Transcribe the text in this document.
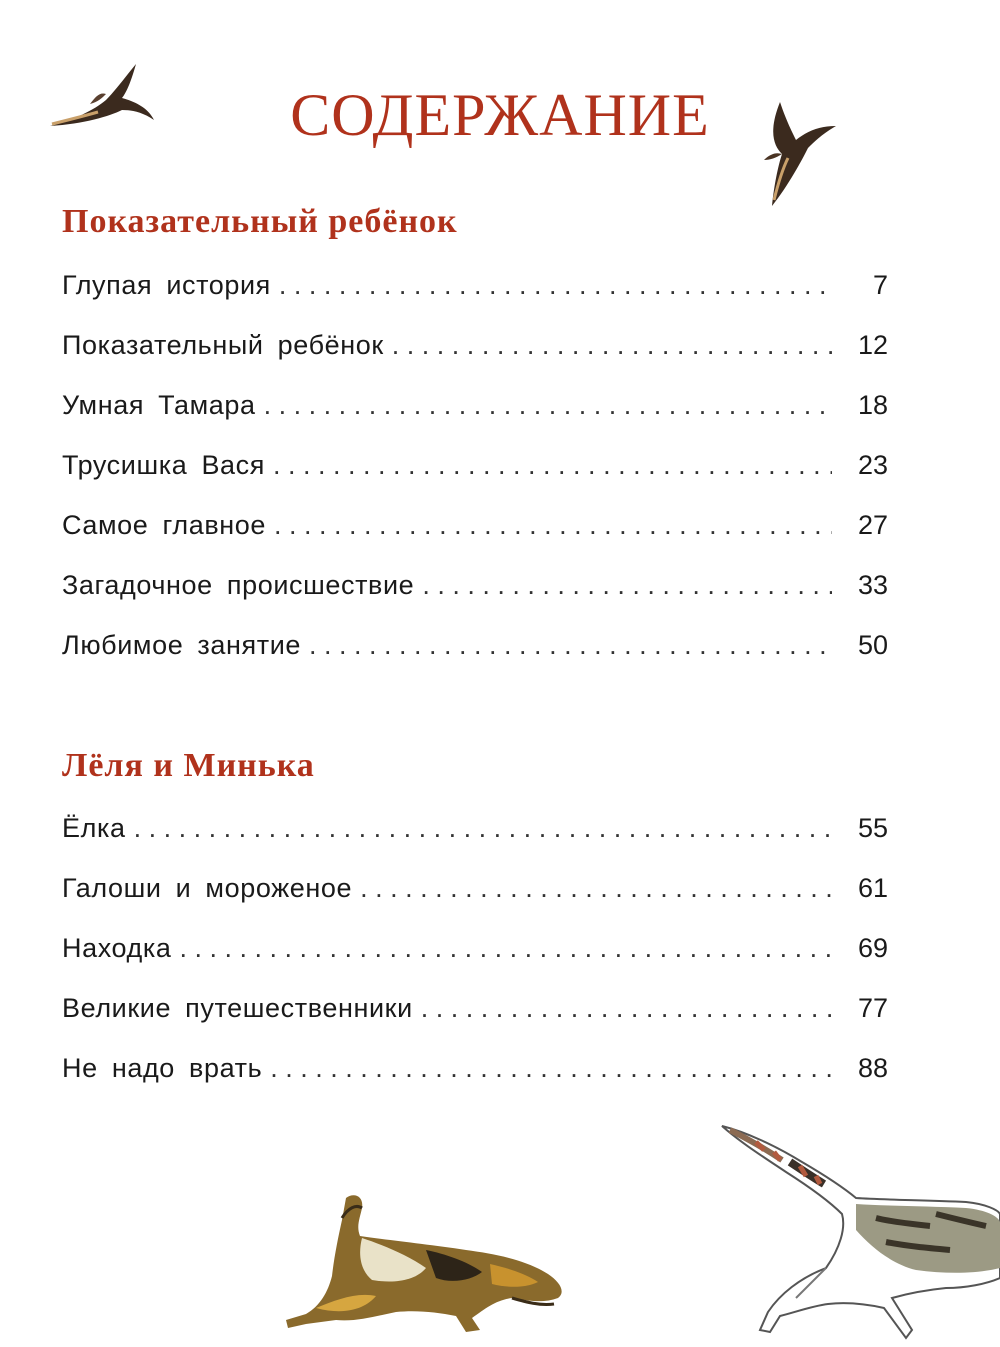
СОДЕРЖАНИЕ
Показательный ребёнок
Глупая история . . .	7
Показательный ребёнок . . .	12
Умная Тамара . . .	18
Трусишка Вася . . .	23
Самое главное . . .	27
Загадочное происшествие . . .	33
Любимое занятие . . .	50
Лёля и Минька
Ёлка . . .	55
Галоши и мороженое . . .	61
Находка . . .	69
Великие путешественники . . .	77
Не надо врать . . .	88
